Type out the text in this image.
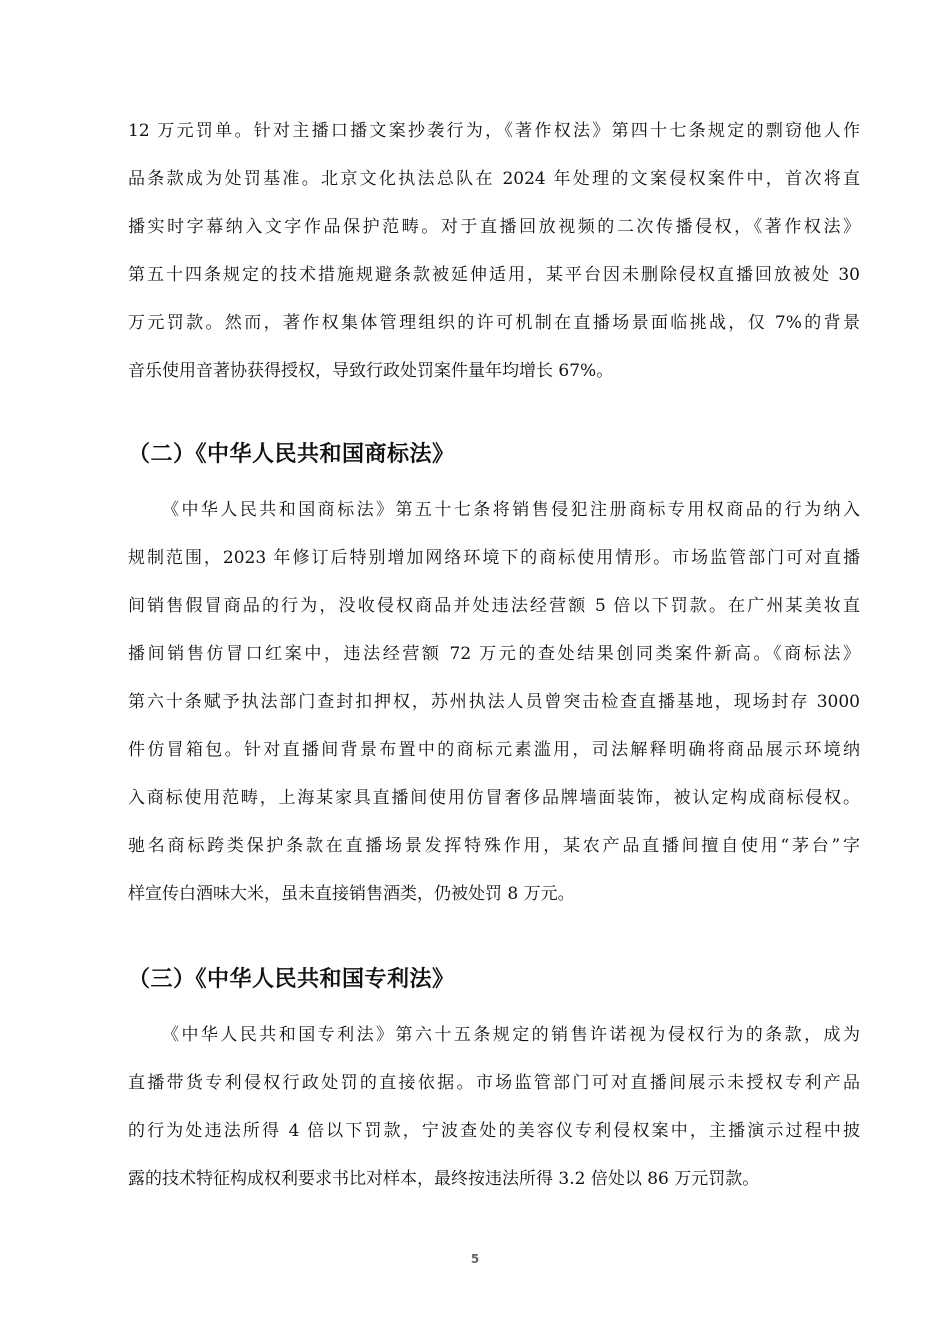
12 万元罚单。针对主播口播文案抄袭行为，《著作权法》第四十七条规定的剽窃他人作
品条款成为处罚基准。北京文化执法总队在 2024 年处理的文案侵权案件中，首次将直
播实时字幕纳入文字作品保护范畴。对于直播回放视频的二次传播侵权，《著作权法》
第五十四条规定的技术措施规避条款被延伸适用，某平台因未删除侵权直播回放被处 30
万元罚款。然而，著作权集体管理组织的许可机制在直播场景面临挑战，仅 7%的背景
音乐使用音著协获得授权，导致行政处罚案件量年均增长 67%。
（二）《中华人民共和国商标法》
《中华人民共和国商标法》第五十七条将销售侵犯注册商标专用权商品的行为纳入
规制范围，2023 年修订后特别增加网络环境下的商标使用情形。市场监管部门可对直播
间销售假冒商品的行为，没收侵权商品并处违法经营额 5 倍以下罚款。在广州某美妆直
播间销售仿冒口红案中，违法经营额 72 万元的查处结果创同类案件新高。《商标法》
第六十条赋予执法部门查封扣押权，苏州执法人员曾突击检查直播基地，现场封存 3000
件仿冒箱包。针对直播间背景布置中的商标元素滥用，司法解释明确将商品展示环境纳
入商标使用范畴，上海某家具直播间使用仿冒奢侈品牌墙面装饰，被认定构成商标侵权。
驰名商标跨类保护条款在直播场景发挥特殊作用，某农产品直播间擅自使用“茅台”字
样宣传白酒味大米，虽未直接销售酒类，仍被处罚 8 万元。
（三）《中华人民共和国专利法》
《中华人民共和国专利法》第六十五条规定的销售许诺视为侵权行为的条款，成为
直播带货专利侵权行政处罚的直接依据。市场监管部门可对直播间展示未授权专利产品
的行为处违法所得 4 倍以下罚款，宁波查处的美容仪专利侵权案中，主播演示过程中披
露的技术特征构成权利要求书比对样本，最终按违法所得 3.2 倍处以 86 万元罚款。
5
